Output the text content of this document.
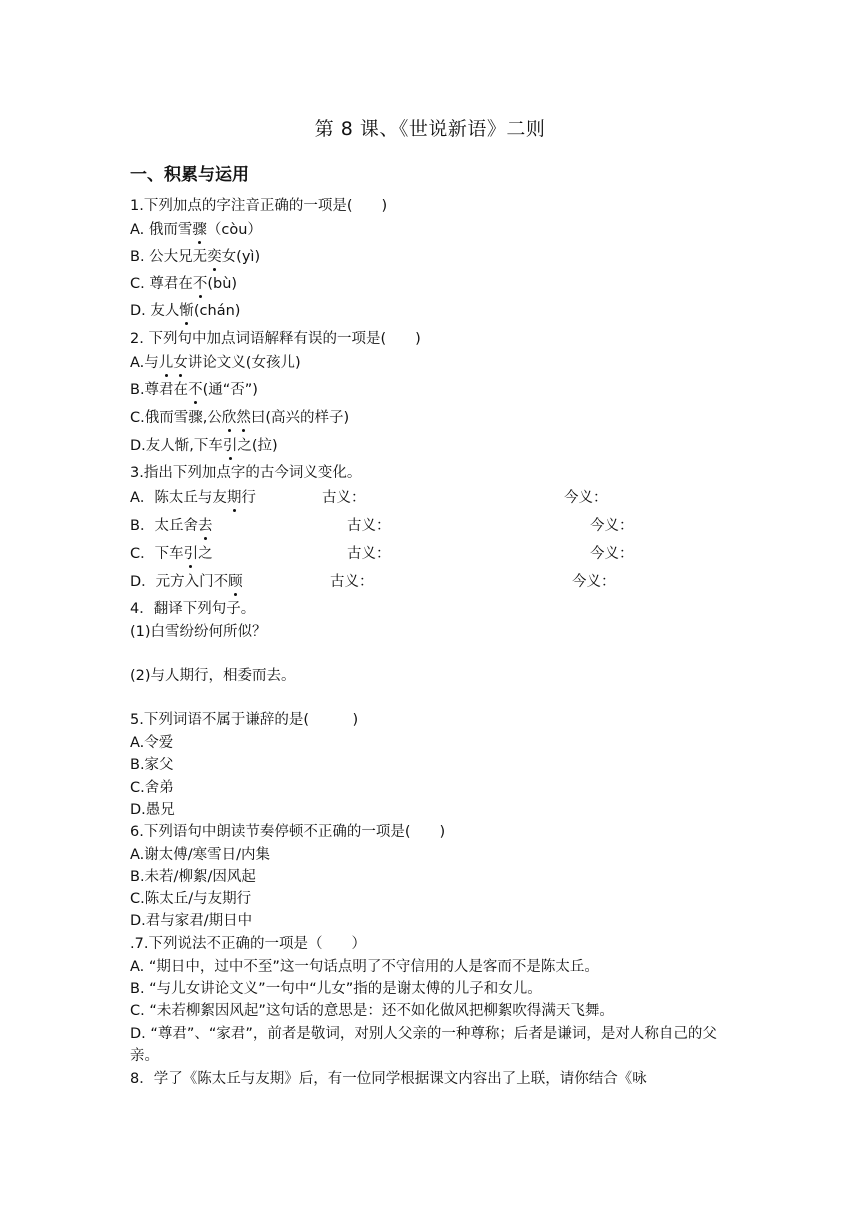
第 8 课、《世说新语》二则
一、积累与运用
1.下列加点的字注音正确的一项是(　　)
A. 俄而雪骤（còu）
B. 公大兄无奕女(yì)
C. 尊君在不(bù)
D. 友人惭(chán)
2. 下列句中加点词语解释有误的一项是(　　)
A.与儿女讲论文义(女孩儿)
B.尊君在不(通“否”)
C.俄而雪骤,公欣然曰(高兴的样子)
D.友人惭,下车引之(拉)
3.指出下列加点字的古今词义变化。
A．陈太丘与友期行	古义：	今义：
B．太丘舍去	古义：	今义：
C．下车引之	古义：	今义：
D．元方入门不顾	古义：	今义：
4．翻译下列句子。
(1)白雪纷纷何所似？
(2)与人期行，相委而去。
5.下列词语不属于谦辞的是(　　　)
A.令爱
B.家父
C.舍弟
D.愚兄
6.下列语句中朗读节奏停顿不正确的一项是(　　)
A.谢太傅/寒雪日/内集
B.未若/柳絮/因风起
C.陈太丘/与友期行
D.君与家君/期日中
.7.下列说法不正确的一项是（　　）
A. “期日中，过中不至”这一句话点明了不守信用的人是客而不是陈太丘。
B. “与儿女讲论文义”一句中“儿女”指的是谢太傅的儿子和女儿。
C. “未若柳絮因风起”这句话的意思是：还不如化做风把柳絮吹得满天飞舞。
D. “尊君”、“家君”，前者是敬词，对别人父亲的一种尊称；后者是谦词，是对人称自己的父亲。
8．学了《陈太丘与友期》后，有一位同学根据课文内容出了上联，请你结合《咏
